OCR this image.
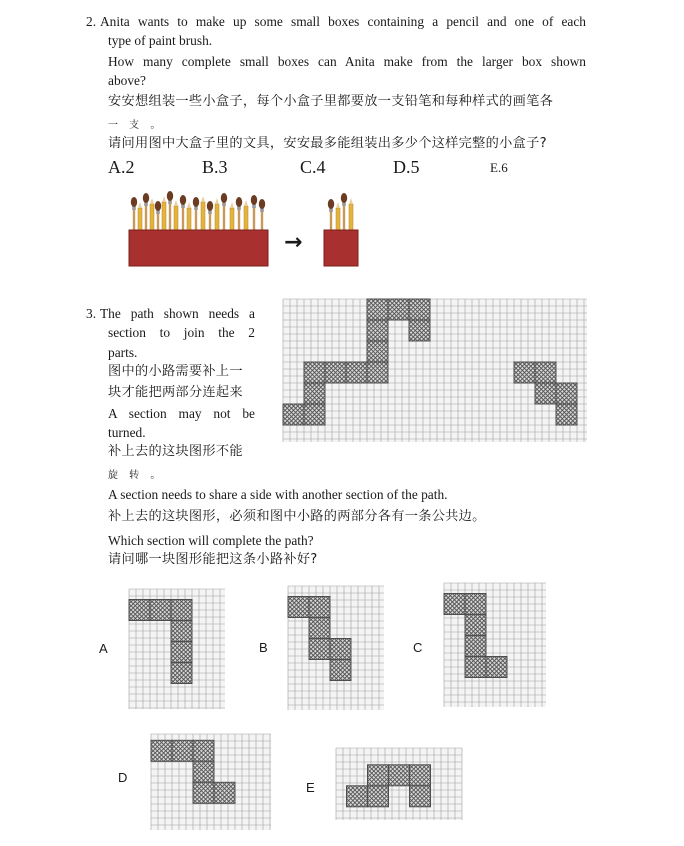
2. Anita wants to make up some small boxes containing a pencil and one of each
type of paint brush.
How many complete small boxes can Anita make from the larger box shown
above?
安安想组装一些小盒子，每个小盒子里都要放一支铅笔和每种样式的画笔各
一 支 。
请问用图中大盒子里的文具，安安最多能组装出多少个这样完整的小盒子?
A.2	B.3	C.4	D.5	E.6
→
3. The path shown needs a
section to join the 2
parts.
图中的小路需要补上一
块才能把两部分连起来
A section may not be
turned.
补上去的这块图形不能
旋 转 。
A section needs to share a side with another section of the path.
补上去的这块图形，必须和图中小路的两部分各有一条公共边。
Which section will complete the path?
请问哪一块图形能把这条小路补好?
A	B	C
D
E
